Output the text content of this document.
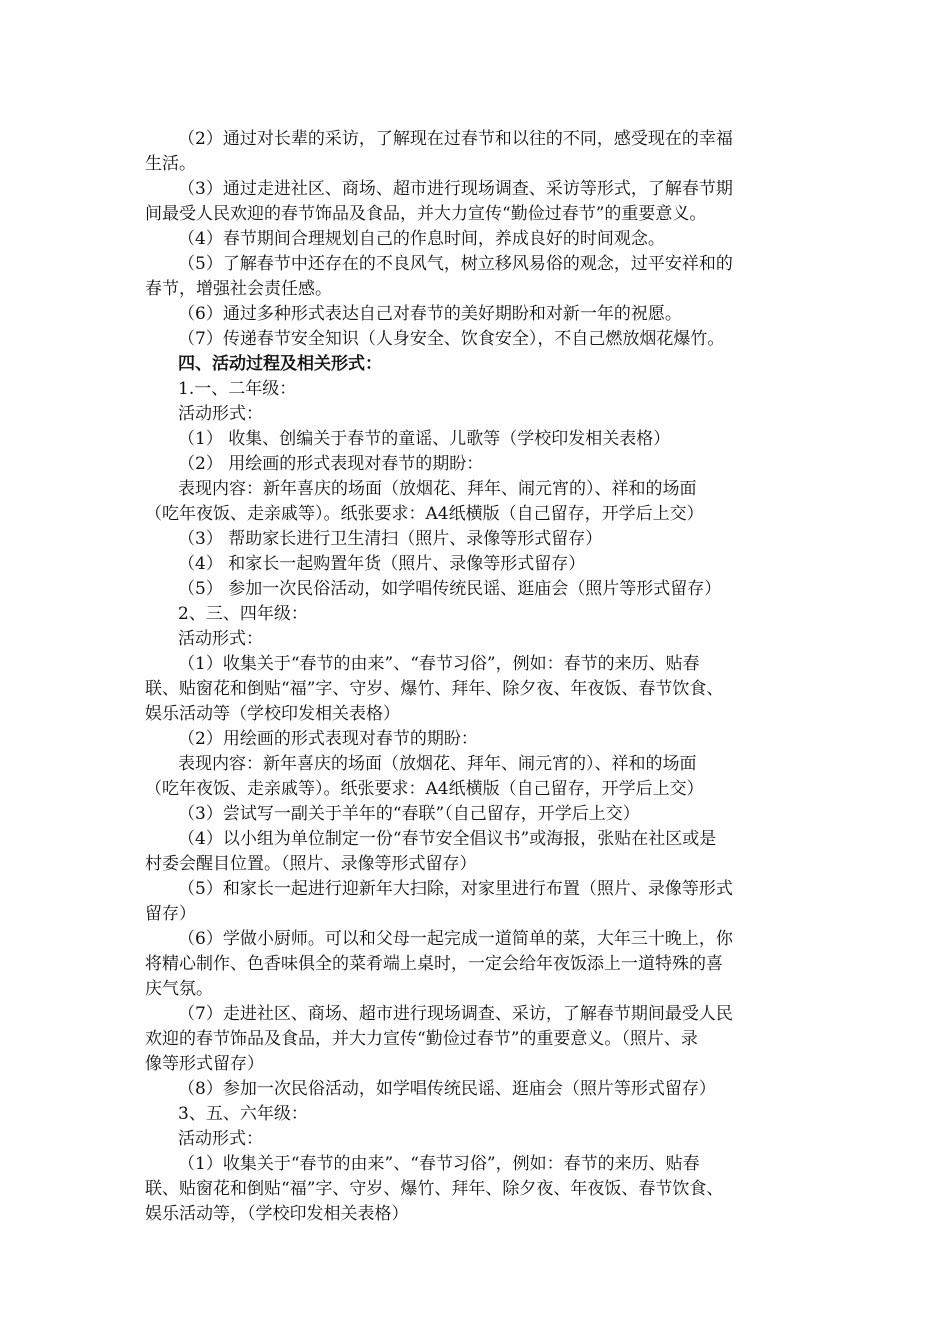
（2）通过对长辈的采访，了解现在过春节和以往的不同，感受现在的幸福
生活。
（3）通过走进社区、商场、超市进行现场调查、采访等形式，了解春节期
间最受人民欢迎的春节饰品及食品，并大力宣传“勤俭过春节”的重要意义。
（4）春节期间合理规划自己的作息时间，养成良好的时间观念。
（5）了解春节中还存在的不良风气，树立移风易俗的观念，过平安祥和的
春节，增强社会责任感。
（6）通过多种形式表达自己对春节的美好期盼和对新一年的祝愿。
（7）传递春节安全知识（人身安全、饮食安全），不自己燃放烟花爆竹。
四、活动过程及相关形式：
1.一、二年级：
活动形式：
（1） 收集、创编关于春节的童谣、儿歌等（学校印发相关表格）
（2） 用绘画的形式表现对春节的期盼：
表现内容：新年喜庆的场面（放烟花、拜年、闹元宵的）、祥和的场面
（吃年夜饭、走亲戚等）。纸张要求：A4纸横版（自己留存，开学后上交）
（3） 帮助家长进行卫生清扫（照片、录像等形式留存）
（4） 和家长一起购置年货（照片、录像等形式留存）
（5） 参加一次民俗活动，如学唱传统民谣、逛庙会（照片等形式留存）
2、三、四年级：
活动形式：
（1）收集关于“春节的由来”、“春节习俗”，例如：春节的来历、贴春
联、贴窗花和倒贴“福”字、守岁、爆竹、拜年、除夕夜、年夜饭、春节饮食、
娱乐活动等（学校印发相关表格）
（2）用绘画的形式表现对春节的期盼：
表现内容：新年喜庆的场面（放烟花、拜年、闹元宵的）、祥和的场面
（吃年夜饭、走亲戚等）。纸张要求：A4纸横版（自己留存，开学后上交）
（3）尝试写一副关于羊年的“春联”（自己留存，开学后上交）
（4）以小组为单位制定一份“春节安全倡议书”或海报，张贴在社区或是
村委会醒目位置。（照片、录像等形式留存）
（5）和家长一起进行迎新年大扫除，对家里进行布置（照片、录像等形式
留存）
（6）学做小厨师。可以和父母一起完成一道简单的菜，大年三十晚上，你
将精心制作、色香味俱全的菜肴端上桌时，一定会给年夜饭添上一道特殊的喜
庆气氛。
（7）走进社区、商场、超市进行现场调查、采访，了解春节期间最受人民
欢迎的春节饰品及食品，并大力宣传“勤俭过春节”的重要意义。（照片、录
像等形式留存）
（8）参加一次民俗活动，如学唱传统民谣、逛庙会（照片等形式留存）
3、五、六年级：
活动形式：
（1）收集关于“春节的由来”、“春节习俗”，例如：春节的来历、贴春
联、贴窗花和倒贴“福”字、守岁、爆竹、拜年、除夕夜、年夜饭、春节饮食、
娱乐活动等，（学校印发相关表格）
